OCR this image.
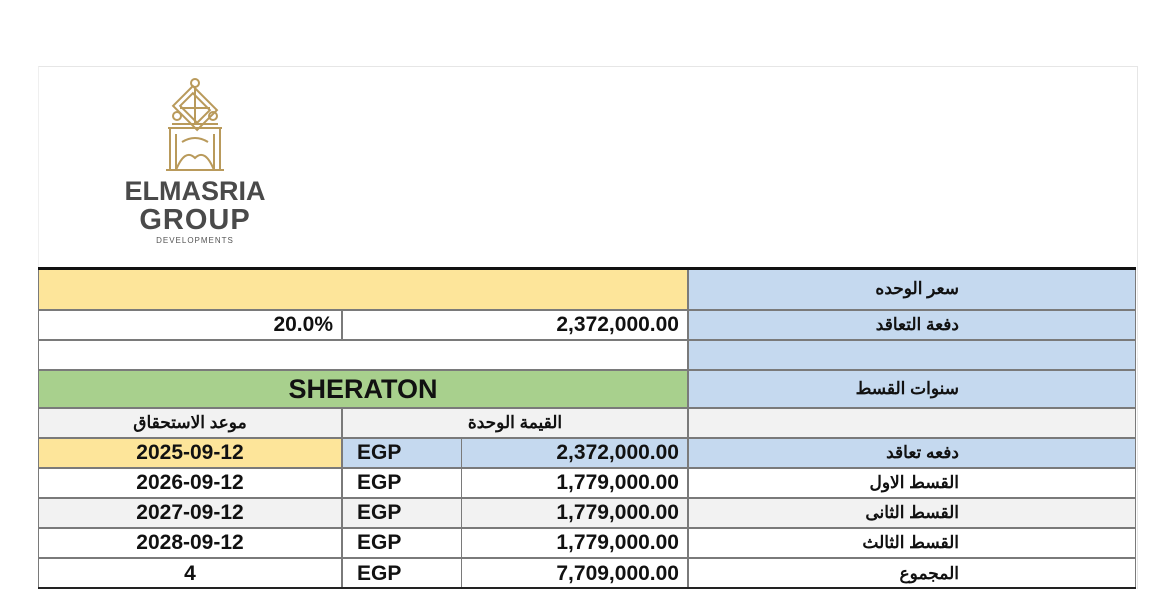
ELMASRIA
GROUP
DEVELOPMENTS
سعر الوحده
20.0%	2,372,000.00	دفعة التعاقد
SHERATON	سنوات القسط
موعد الاستحقاق	القيمة الوحدة
2025-09-12	EGP	2,372,000.00	دفعه تعاقد
2026-09-12	EGP	1,779,000.00	القسط الاول
2027-09-12	EGP	1,779,000.00	القسط الثانى
2028-09-12	EGP	1,779,000.00	القسط الثالث
4	EGP	7,709,000.00	المجموع
